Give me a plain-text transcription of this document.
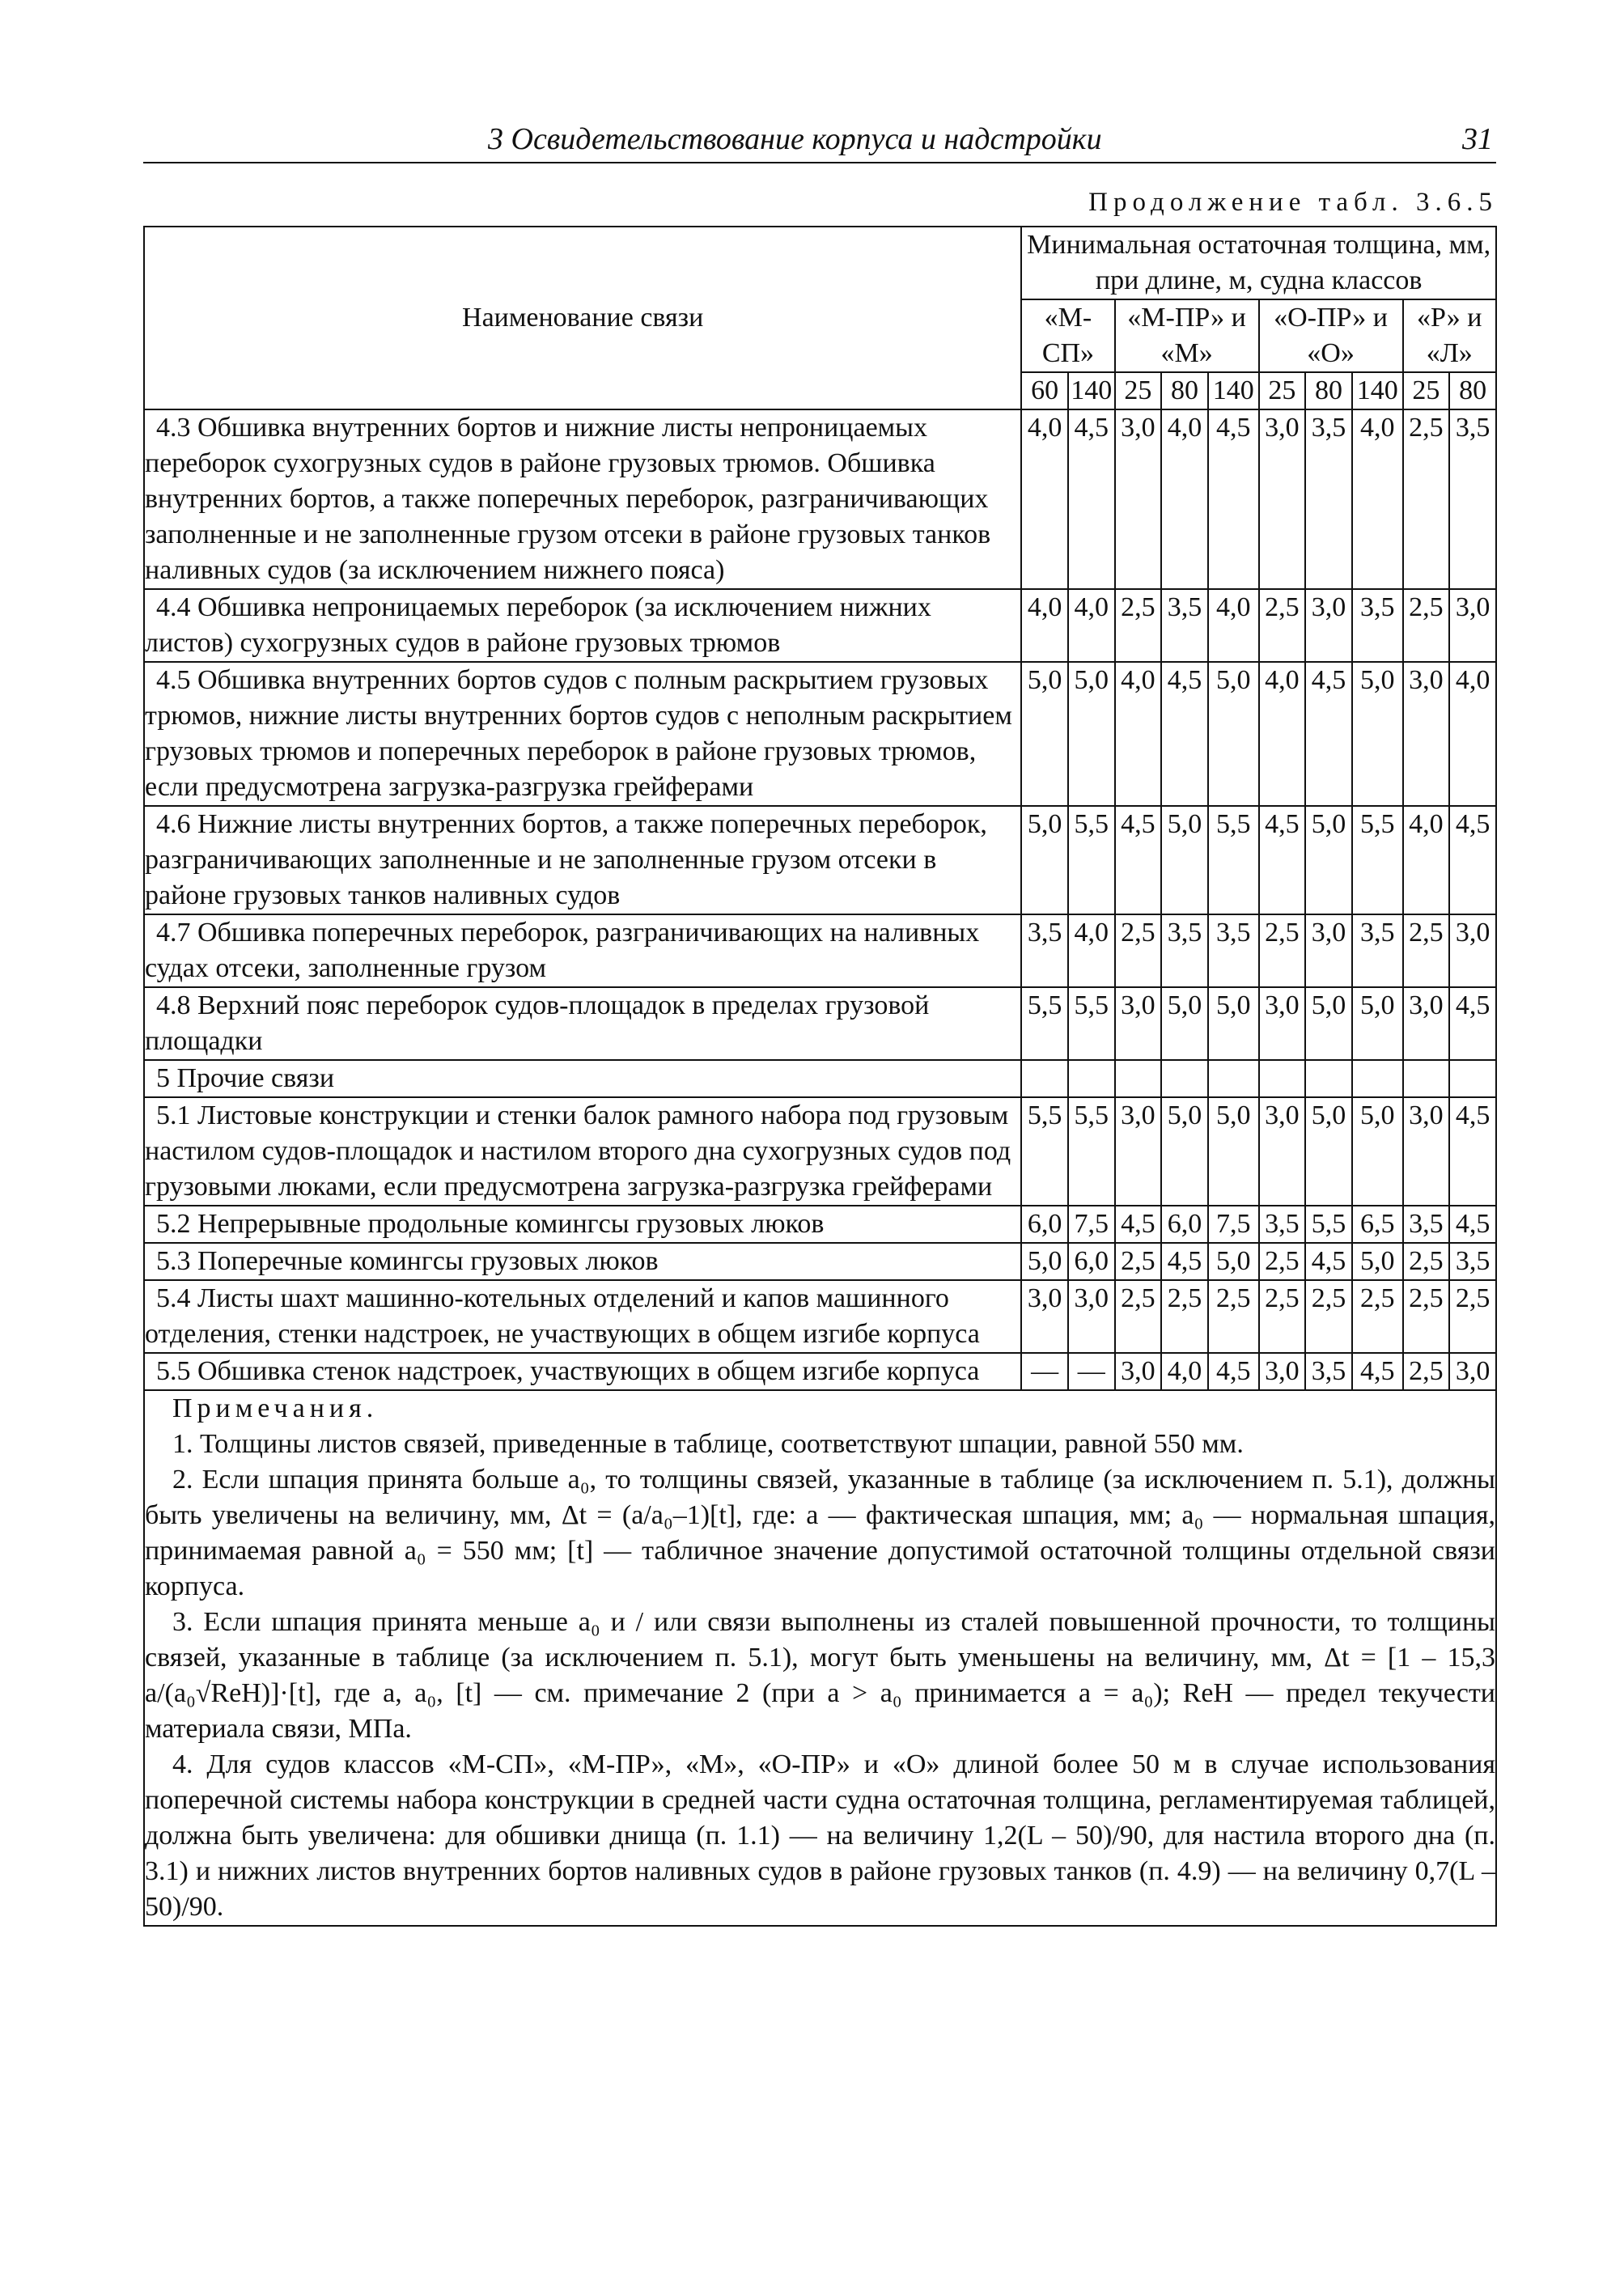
3 Освидетельствование корпуса и надстройки	31
Продолжение табл. 3.6.5
Наименование связи	Минимальная остаточная толщина, мм, при длине, м, судна классов									
	«М-СП»		«М-ПР» и «М»			«О-ПР» и «О»			«Р» и «Л»	
	60	140	25	80	140	25	80	140	25	80

4.3 Обшивка внутренних бортов и нижние листы непроницаемых переборок сухогрузных судов в районе грузовых трюмов. Обшивка внутренних бортов, а также поперечных переборок, разграничивающих заполненные и не заполненные грузом отсеки в районе грузовых танков наливных судов (за исключением нижнего пояса)	4,0	4,5	3,0	4,0	4,5	3,0	3,5	4,0	2,5	3,5

4.4 Обшивка непроницаемых переборок (за исключением нижних листов) сухогрузных судов в районе грузовых трюмов	4,0	4,0	2,5	3,5	4,0	2,5	3,0	3,5	2,5	3,0

4.5 Обшивка внутренних бортов судов с полным раскрытием грузовых трюмов, нижние листы внутренних бортов судов с неполным раскрытием грузовых трюмов и поперечных переборок в районе грузовых трюмов, если предусмотрена загрузка-разгрузка грейферами	5,0	5,0	4,0	4,5	5,0	4,0	4,5	5,0	3,0	4,0

4.6 Нижние листы внутренних бортов, а также поперечных переборок, разграничивающих заполненные и не заполненные грузом отсеки в районе грузовых танков наливных судов	5,0	5,5	4,5	5,0	5,5	4,5	5,0	5,5	4,0	4,5

4.7 Обшивка поперечных переборок, разграничивающих на наливных судах отсеки, заполненные грузом	3,5	4,0	2,5	3,5	3,5	2,5	3,0	3,5	2,5	3,0

4.8 Верхний пояс переборок судов-площадок в пределах грузовой площадки	5,5	5,5	3,0	5,0	5,0	3,0	5,0	5,0	3,0	4,5

5 Прочие связи										

5.1 Листовые конструкции и стенки балок рамного набора под грузовым настилом судов-площадок и настилом второго дна сухогрузных судов под грузовыми люками, если предусмотрена загрузка-разгрузка грейферами	5,5	5,5	3,0	5,0	5,0	3,0	5,0	5,0	3,0	4,5

5.2 Непрерывные продольные комингсы грузовых люков	6,0	7,5	4,5	6,0	7,5	3,5	5,5	6,5	3,5	4,5

5.3 Поперечные комингсы грузовых люков	5,0	6,0	2,5	4,5	5,0	2,5	4,5	5,0	2,5	3,5

5.4 Листы шахт машинно-котельных отделений и капов машинного отделения, стенки надстроек, не участвующих в общем изгибе корпуса	3,0	3,0	2,5	2,5	2,5	2,5	2,5	2,5	2,5	2,5

5.5 Обшивка стенок надстроек, участвующих в общем изгибе корпуса	—	—	3,0	4,0	4,5	3,0	3,5	4,5	2,5	3,0

Примечания.

1. Толщины листов связей, приведенные в таблице, соответствуют шпации, равной 550 мм.

2. Если шпация принята больше a₀, то толщины связей, указанные в таблице (за исключением п. 5.1), должны быть увеличены на величину, мм, Δt = (a/a₀–1)[t], где: a — фактическая шпация, мм; a₀ — нормальная шпация, принимаемая равной a₀ = 550 мм; [t] — табличное значение допустимой остаточной толщины отдельной связи корпуса.

3. Если шпация принята меньше a₀ и / или связи выполнены из сталей повышенной прочности, то толщины связей, указанные в таблице (за исключением п. 5.1), могут быть уменьшены на величину, мм, Δt = [1 – 15,3 a/(a₀√ReH)]·[t], где a, a₀, [t] — см. примечание 2 (при a > a₀ принимается a = a₀); ReH — предел текучести материала связи, МПа.

4. Для судов классов «М-СП», «М-ПР», «М», «О-ПР» и «О» длиной более 50 м в случае использования поперечной системы набора конструкции в средней части судна остаточная толщина, регламентируемая таблицей, должна быть увеличена: для обшивки днища (п. 1.1) — на величину 1,2(L – 50)/90, для настила второго дна (п. 3.1) и нижних листов внутренних бортов наливных судов в районе грузовых танков (п. 4.9) — на величину 0,7(L – 50)/90.										
